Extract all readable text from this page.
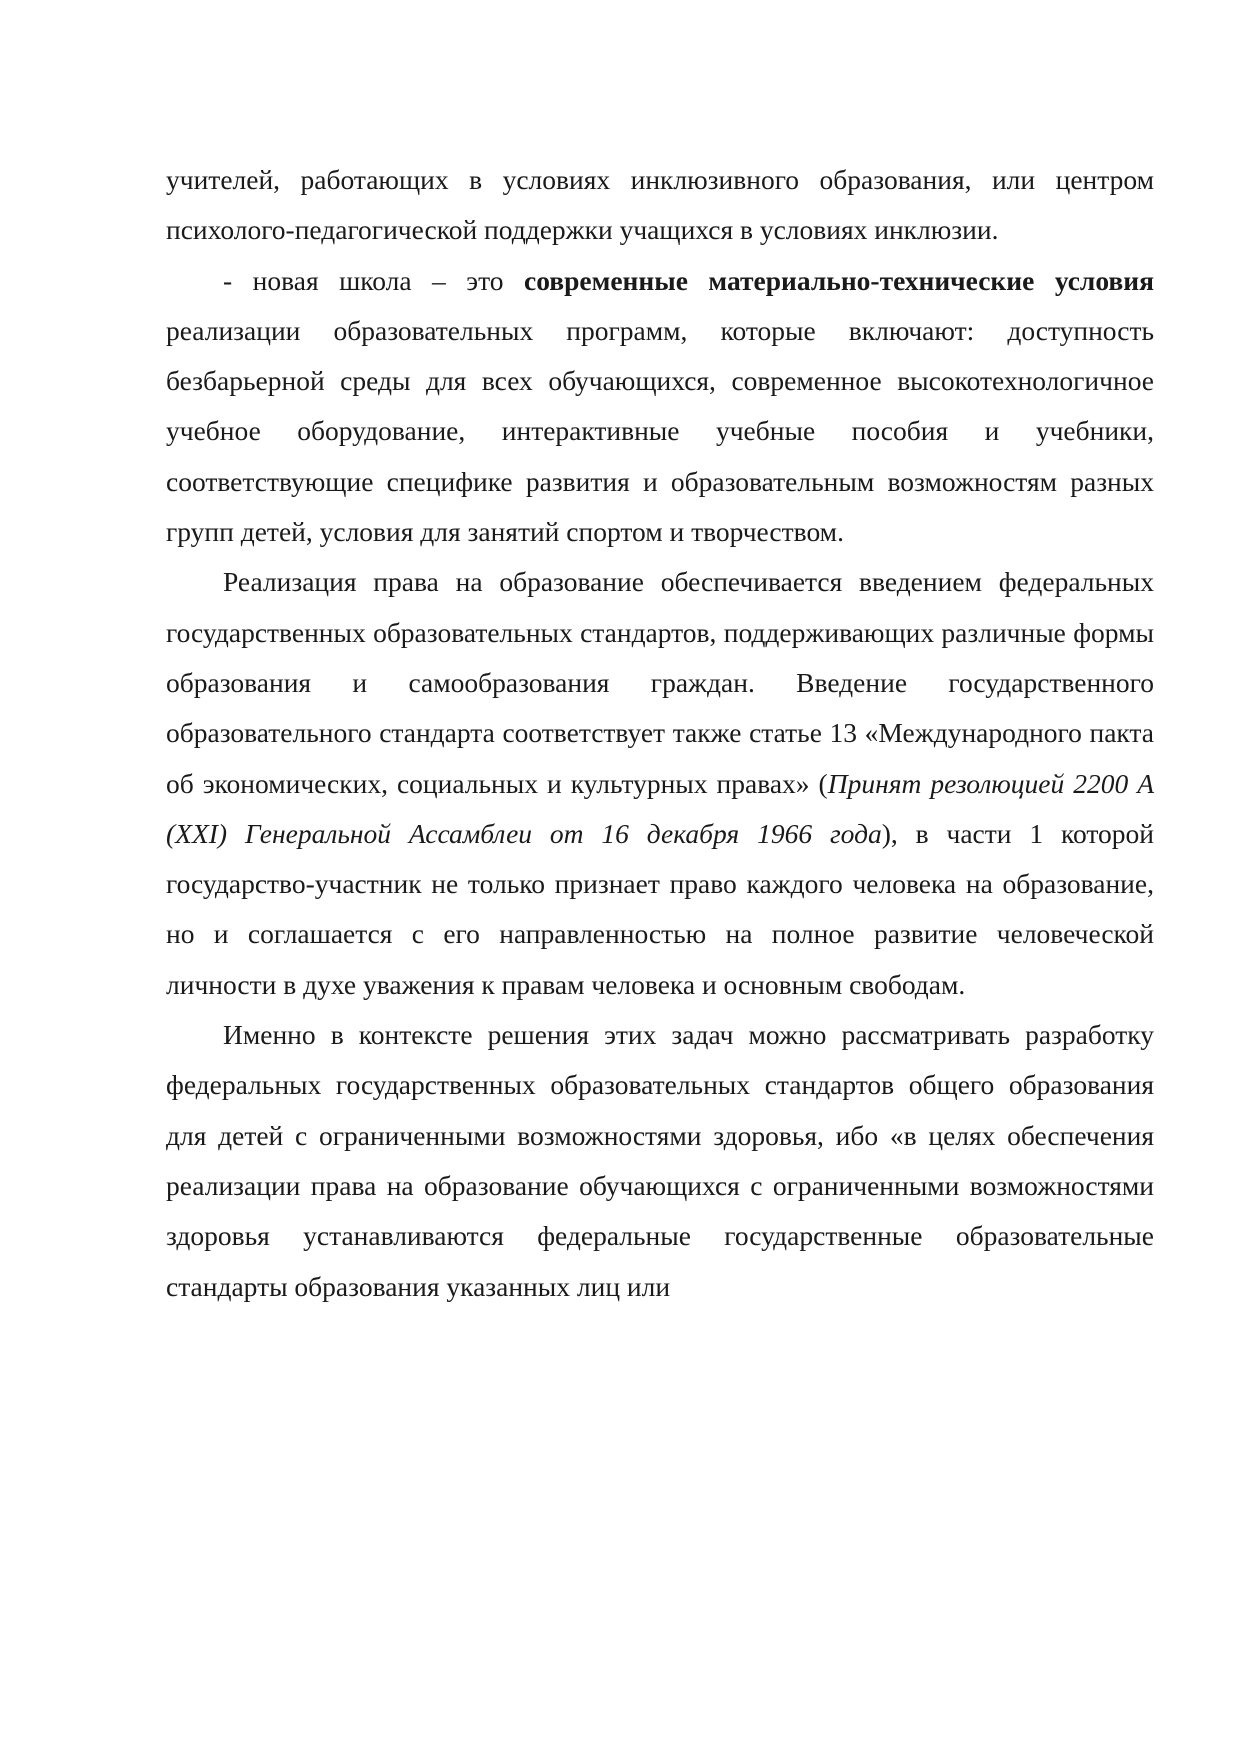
учителей, работающих в условиях инклюзивного образования, или центром психолого-педагогической поддержки учащихся в условиях инклюзии.

- новая школа – это современные материально-технические условия реализации образовательных программ, которые включают: доступность безбарьерной среды для всех обучающихся, современное высокотехнологичное учебное оборудование, интерактивные учебные пособия и учебники, соответствующие специфике развития и образовательным возможностям разных групп детей, условия для занятий спортом и творчеством.

Реализация права на образование обеспечивается введением федеральных государственных образовательных стандартов, поддерживающих различные формы образования и самообразования граждан. Введение государственного образовательного стандарта соответствует также статье 13 «Международного пакта об экономических, социальных и культурных правах» (Принят резолюцией 2200 А (XXI) Генеральной Ассамблеи от 16 декабря 1966 года), в части 1 которой государство-участник не только признает право каждого человека на образование, но и соглашается с его направленностью на полное развитие человеческой личности в духе уважения к правам человека и основным свободам.

Именно в контексте решения этих задач можно рассматривать разработку федеральных государственных образовательных стандартов общего образования для детей с ограниченными возможностями здоровья, ибо «в целях обеспечения реализации права на образование обучающихся с ограниченными возможностями здоровья устанавливаются федеральные государственные образовательные стандарты образования указанных лиц или
